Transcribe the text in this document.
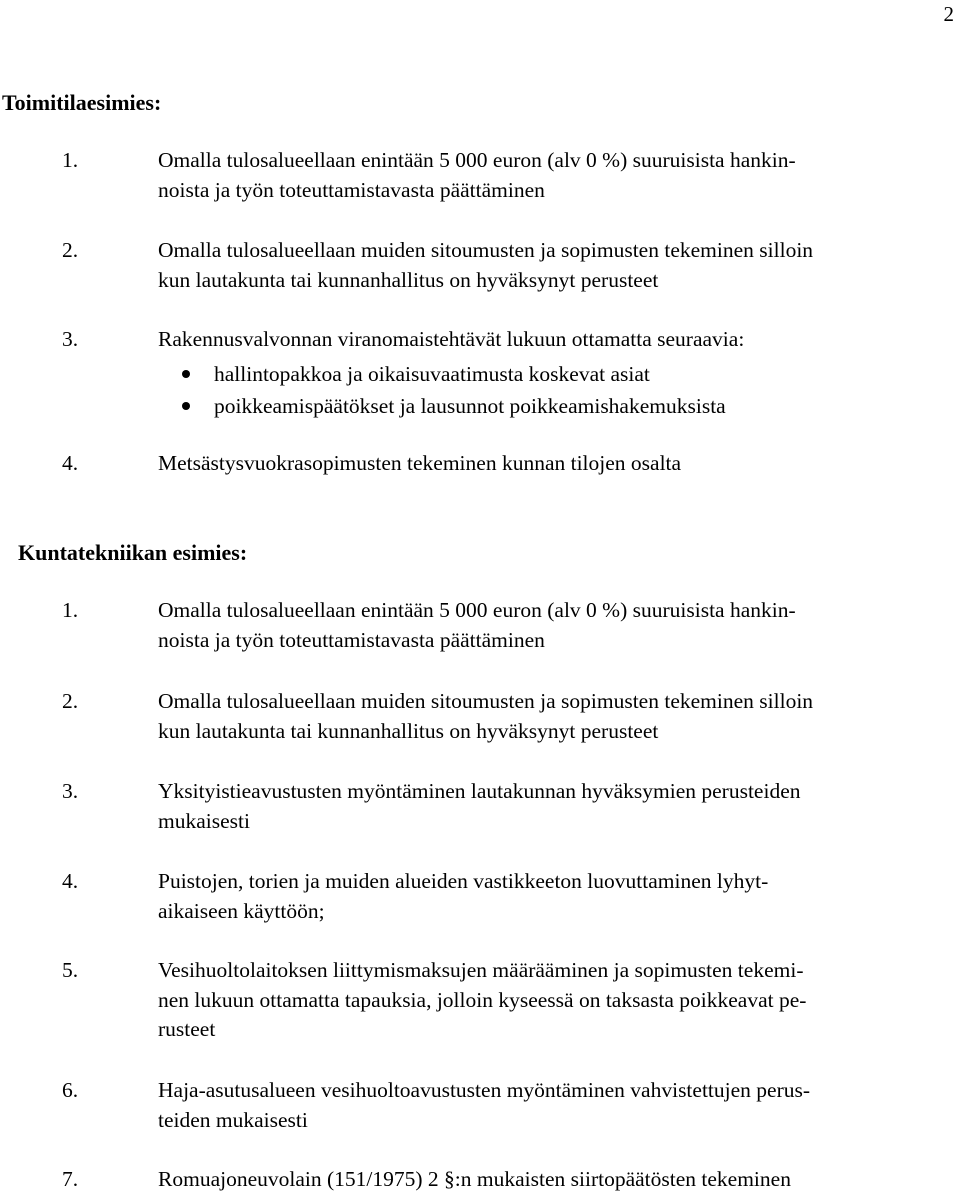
2
Toimitilaesimies:
1.	Omalla tulosalueellaan enintään 5 000 euron (alv 0 %) suuruisista hankin-
noista ja työn toteuttamistavasta päättäminen
2.	Omalla tulosalueellaan muiden sitoumusten ja sopimusten tekeminen silloin
kun lautakunta tai kunnanhallitus on hyväksynyt perusteet
3.	Rakennusvalvonnan viranomaistehtävät lukuun ottamatta seuraavia:
hallintopakkoa ja oikaisuvaatimusta koskevat asiat
poikkeamispäätökset ja lausunnot poikkeamishakemuksista
4.	Metsästysvuokrasopimusten tekeminen kunnan tilojen osalta
Kuntatekniikan esimies:
1.	Omalla tulosalueellaan enintään 5 000 euron (alv 0 %) suuruisista hankin-
noista ja työn toteuttamistavasta päättäminen
2.	Omalla tulosalueellaan muiden sitoumusten ja sopimusten tekeminen silloin
kun lautakunta tai kunnanhallitus on hyväksynyt perusteet
3.	Yksityistieavustusten myöntäminen lautakunnan hyväksymien perusteiden
mukaisesti
4.	Puistojen, torien ja muiden alueiden vastikkeeton luovuttaminen lyhyt-
aikaiseen käyttöön;
5.	Vesihuoltolaitoksen liittymismaksujen määrääminen ja sopimusten tekemi-
nen lukuun ottamatta tapauksia, jolloin kyseessä on taksasta poikkeavat pe-
rusteet
6.	Haja-asutusalueen vesihuoltoavustusten myöntäminen vahvistettujen perus-
teiden mukaisesti
7.	Romuajoneuvolain (151/1975) 2 §:n mukaisten siirtopäätösten tekeminen
